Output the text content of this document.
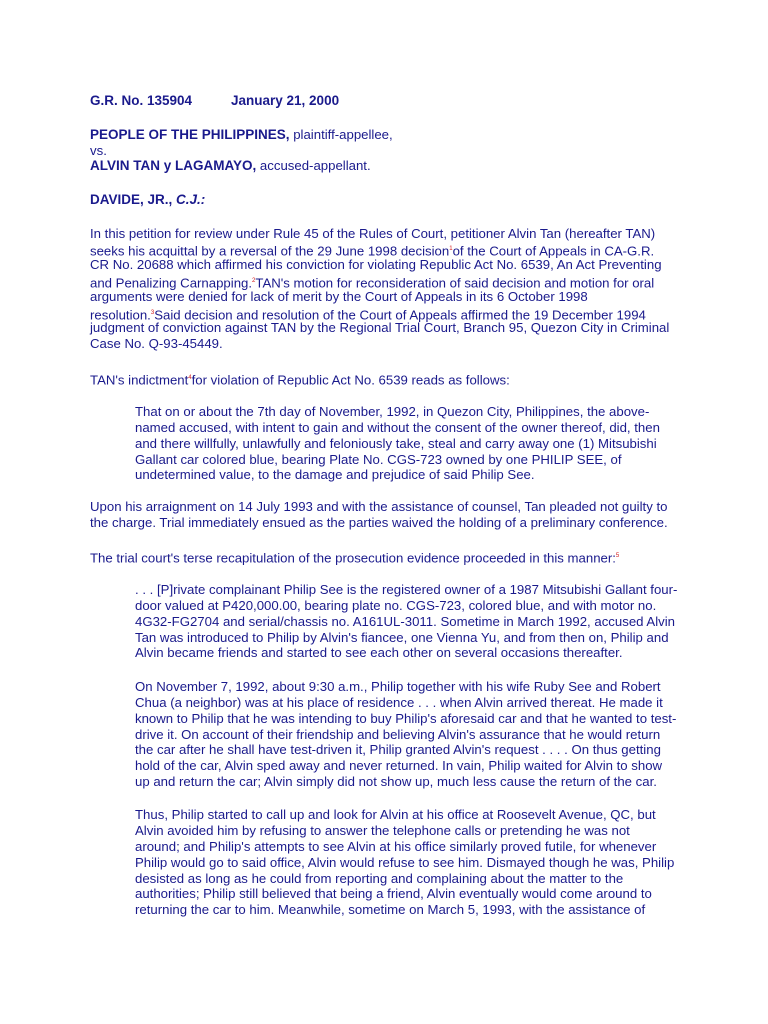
G.R. No. 135904	January 21, 2000
PEOPLE OF THE PHILIPPINES, plaintiff-appellee,
vs.
ALVIN TAN y LAGAMAYO, accused-appellant.
DAVIDE, JR., C.J.:
In this petition for review under Rule 45 of the Rules of Court, petitioner Alvin Tan (hereafter TAN)
seeks his acquittal by a reversal of the 29 June 1998 decision$^1$of the Court of Appeals in CA-G.R.
CR No. 20688 which affirmed his conviction for violating Republic Act No. 6539, An Act Preventing
and Penalizing Carnapping.$^2$TAN's motion for reconsideration of said decision and motion for oral
arguments were denied for lack of merit by the Court of Appeals in its 6 October 1998
resolution.$^3$Said decision and resolution of the Court of Appeals affirmed the 19 December 1994
judgment of conviction against TAN by the Regional Trial Court, Branch 95, Quezon City in Criminal
Case No. Q-93-45449.
TAN's indictment$^4$for violation of Republic Act No. 6539 reads as follows:
That on or about the 7th day of November, 1992, in Quezon City, Philippines, the above-
named accused, with intent to gain and without the consent of the owner thereof, did, then
and there willfully, unlawfully and feloniously take, steal and carry away one (1) Mitsubishi
Gallant car colored blue, bearing Plate No. CGS-723 owned by one PHILIP SEE, of
undetermined value, to the damage and prejudice of said Philip See.
Upon his arraignment on 14 July 1993 and with the assistance of counsel, Tan pleaded not guilty to
the charge. Trial immediately ensued as the parties waived the holding of a preliminary conference.
The trial court's terse recapitulation of the prosecution evidence proceeded in this manner:$^5$
. . . [P]rivate complainant Philip See is the registered owner of a 1987 Mitsubishi Gallant four-
door valued at P420,000.00, bearing plate no. CGS-723, colored blue, and with motor no.
4G32-FG2704 and serial/chassis no. A161UL-3011. Sometime in March 1992, accused Alvin
Tan was introduced to Philip by Alvin's fiancee, one Vienna Yu, and from then on, Philip and
Alvin became friends and started to see each other on several occasions thereafter.
On November 7, 1992, about 9:30 a.m., Philip together with his wife Ruby See and Robert
Chua (a neighbor) was at his place of residence . . . when Alvin arrived thereat. He made it
known to Philip that he was intending to buy Philip's aforesaid car and that he wanted to test-
drive it. On account of their friendship and believing Alvin's assurance that he would return
the car after he shall have test-driven it, Philip granted Alvin's request . . . . On thus getting
hold of the car, Alvin sped away and never returned. In vain, Philip waited for Alvin to show
up and return the car; Alvin simply did not show up, much less cause the return of the car.
Thus, Philip started to call up and look for Alvin at his office at Roosevelt Avenue, QC, but
Alvin avoided him by refusing to answer the telephone calls or pretending he was not
around; and Philip's attempts to see Alvin at his office similarly proved futile, for whenever
Philip would go to said office, Alvin would refuse to see him. Dismayed though he was, Philip
desisted as long as he could from reporting and complaining about the matter to the
authorities; Philip still believed that being a friend, Alvin eventually would come around to
returning the car to him. Meanwhile, sometime on March 5, 1993, with the assistance of
